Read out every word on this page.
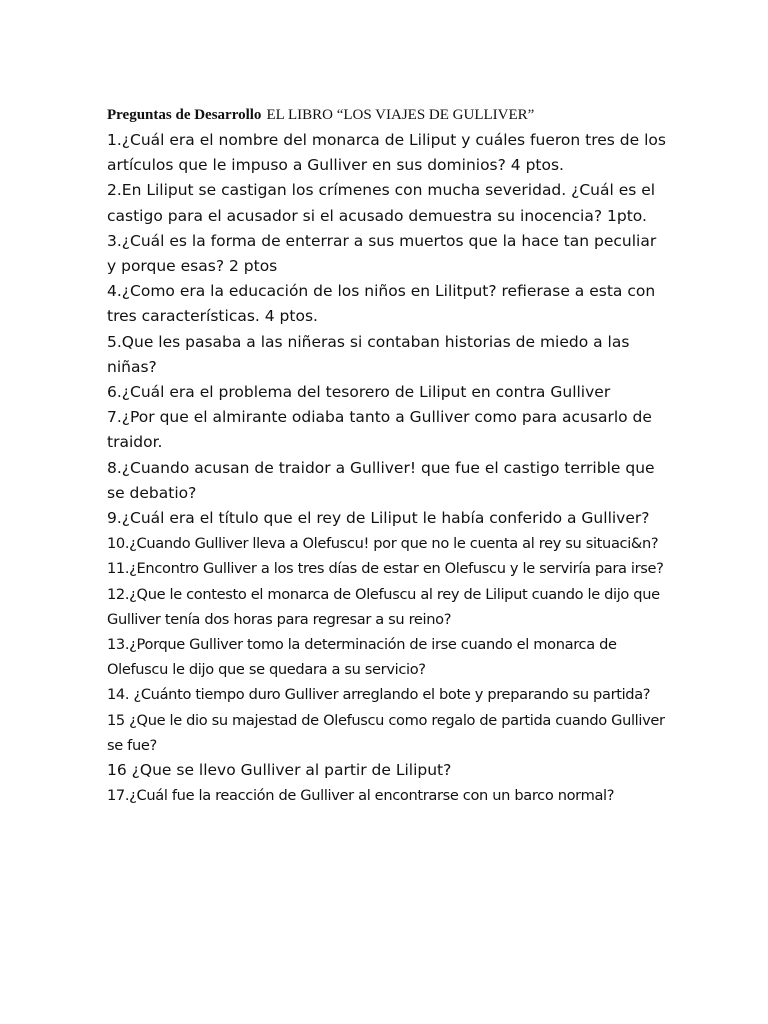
Preguntas de Desarrollo EL LIBRO “LOS VIAJES DE GULLIVER”
1.¿Cuál era el nombre del monarca de Liliput y cuáles fueron tres de los artículos que le impuso a Gulliver en sus dominios? 4 ptos.
2.En Liliput se castigan los crímenes con mucha severidad. ¿Cuál es el castigo para el acusador si el acusado demuestra su inocencia? 1pto.
3.¿Cuál es la forma de enterrar a sus muertos que la hace tan peculiar y porque esas? 2 ptos
4.¿Como era la educación de los niños en Lilitput? refierase a esta con tres características. 4 ptos.
5.Que les pasaba a las niñeras si contaban historias de miedo a las niñas?
6.¿Cuál era el problema del tesorero de Liliput en contra Gulliver
7.¿Por que el almirante odiaba tanto a Gulliver como para acusarlo de traidor.
8.¿Cuando acusan de traidor a Gulliver! que fue el castigo terrible que se debatio?
9.¿Cuál era el título que el rey de Liliput le había conferido a Gulliver?
10.¿Cuando Gulliver lleva a Olefuscu! por que no le cuenta al rey su situaci&n?
11.¿Encontro Gulliver a los tres días de estar en Olefuscu y le serviría para irse?
12.¿Que le contesto el monarca de Olefuscu al rey de Liliput cuando le dijo que Gulliver tenía dos horas para regresar a su reino?
13.¿Porque Gulliver tomo la determinación de irse cuando el monarca de Olefuscu le dijo que se quedara a su servicio?
14. ¿Cuánto tiempo duro Gulliver arreglando el bote y preparando su partida?
15 ¿Que le dio su majestad de Olefuscu como regalo de partida cuando Gulliver se fue?
16 ¿Que se llevo Gulliver al partir de Liliput?
17.¿Cuál fue la reacción de Gulliver al encontrarse con un barco normal?
